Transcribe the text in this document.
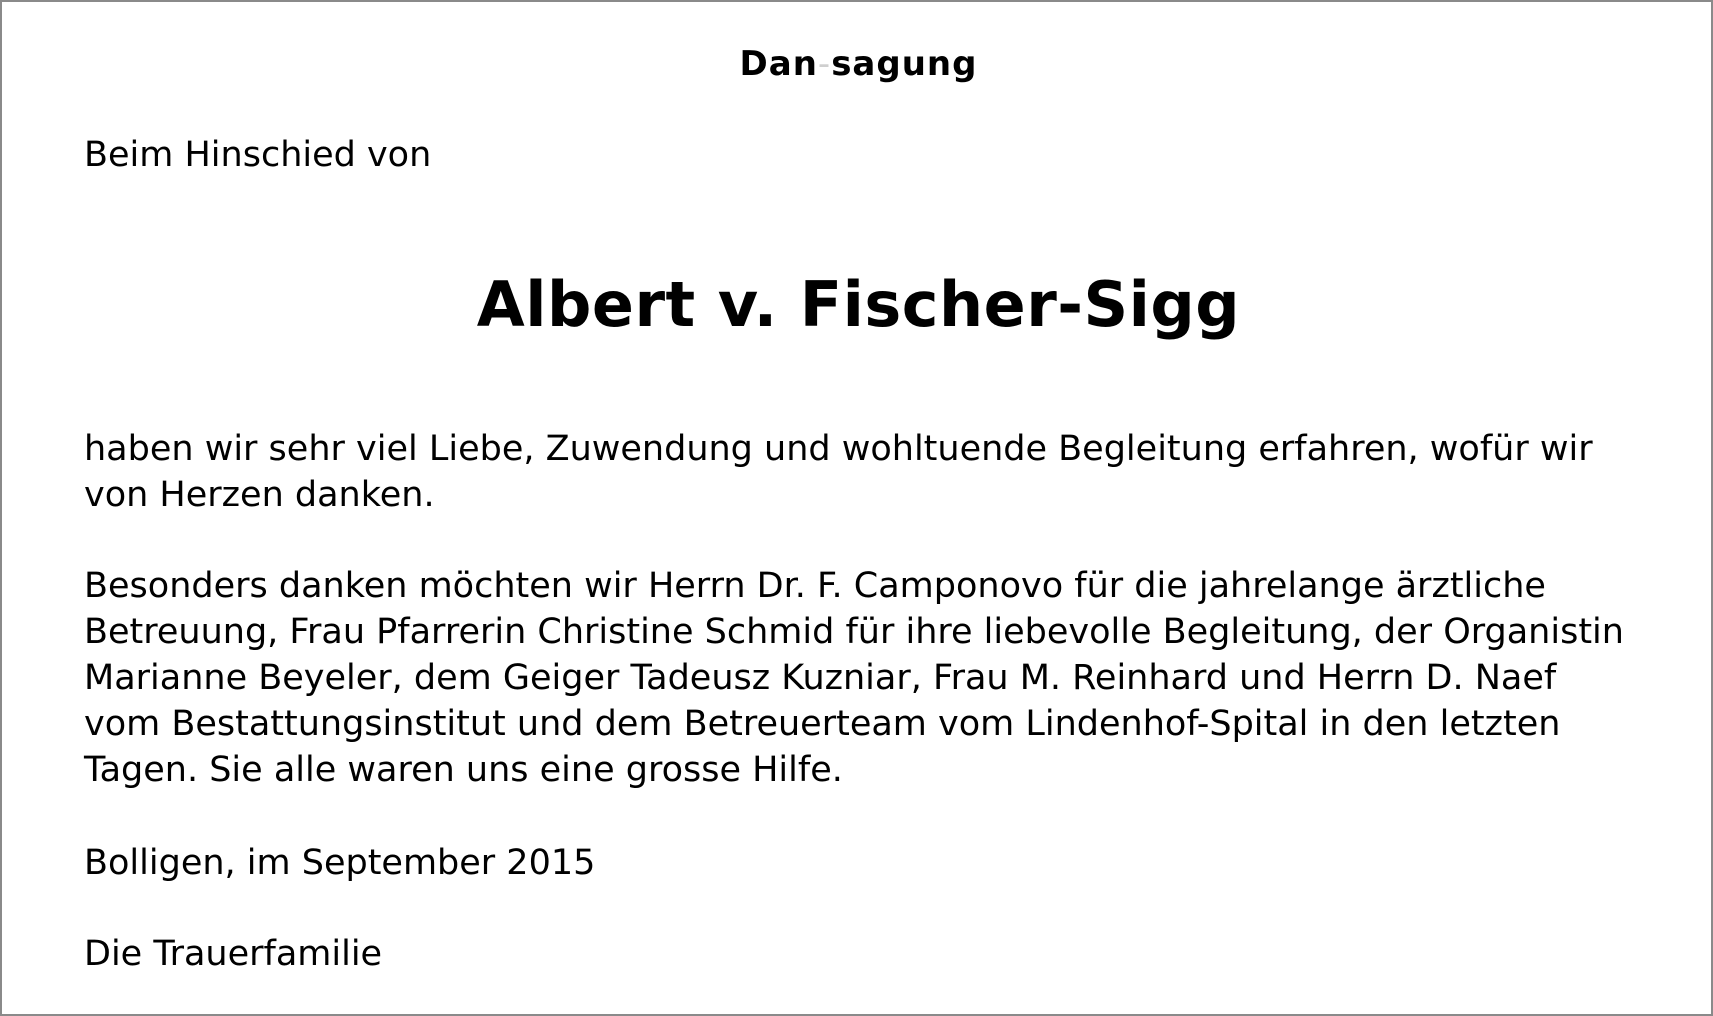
Dan-sagung
Beim Hinschied von
Albert v. Fischer-Sigg
haben wir sehr viel Liebe, Zuwendung und wohltuende Begleitung erfahren, wofür wir
von Herzen danken.
Besonders danken möchten wir Herrn Dr. F. Camponovo für die jahrelange ärztliche
Betreuung, Frau Pfarrerin Christine Schmid für ihre liebevolle Begleitung, der Organistin
Marianne Beyeler, dem Geiger Tadeusz Kuzniar, Frau M. Reinhard und Herrn D. Naef
vom Bestattungsinstitut und dem Betreuerteam vom Lindenhof-Spital in den letzten
Tagen. Sie alle waren uns eine grosse Hilfe.
Bolligen, im September 2015
Die Trauerfamilie
